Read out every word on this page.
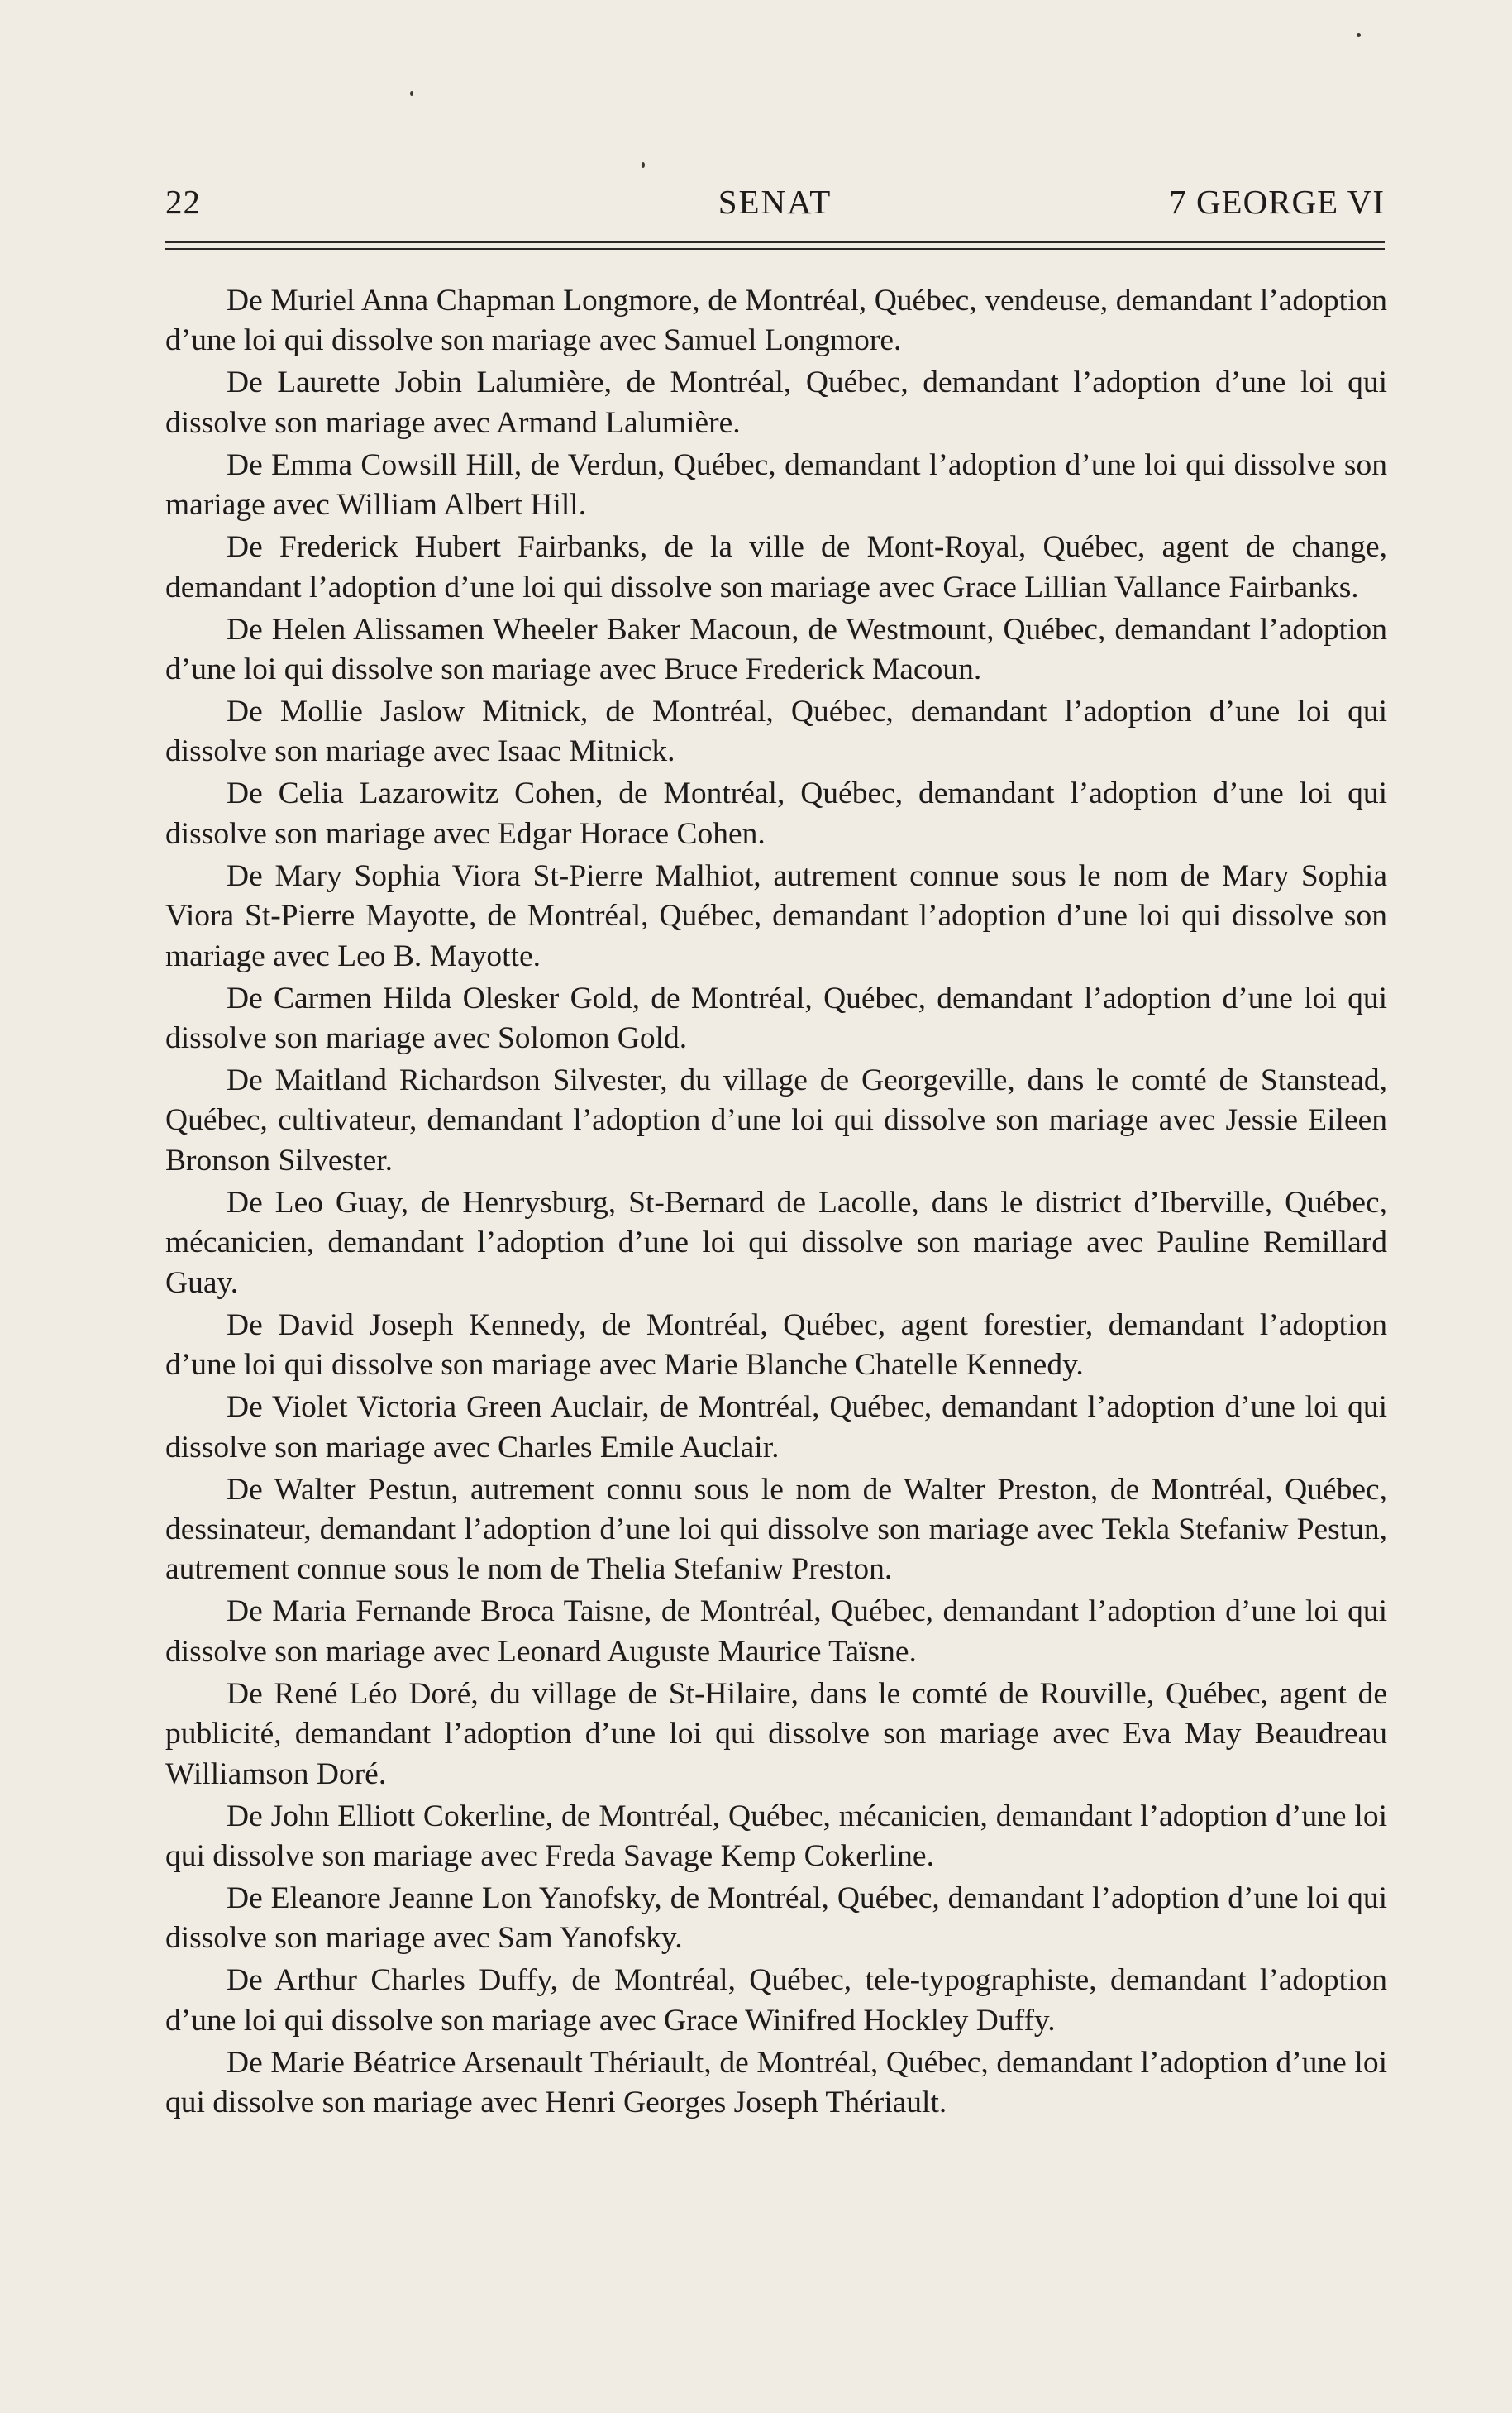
22	SENAT	7 GEORGE VI

De Muriel Anna Chapman Longmore, de Montréal, Québec, vendeuse, demandant l’adoption d’une loi qui dissolve son mariage avec Samuel Longmore.

De Laurette Jobin Lalumière, de Montréal, Québec, demandant l’adoption d’une loi qui dissolve son mariage avec Armand Lalumière.

De Emma Cowsill Hill, de Verdun, Québec, demandant l’adoption d’une loi qui dissolve son mariage avec William Albert Hill.

De Frederick Hubert Fairbanks, de la ville de Mont-Royal, Québec, agent de change, demandant l’adoption d’une loi qui dissolve son mariage avec Grace Lillian Vallance Fairbanks.

De Helen Alissamen Wheeler Baker Macoun, de Westmount, Québec, demandant l’adoption d’une loi qui dissolve son mariage avec Bruce Frederick Macoun.

De Mollie Jaslow Mitnick, de Montréal, Québec, demandant l’adoption d’une loi qui dissolve son mariage avec Isaac Mitnick.

De Celia Lazarowitz Cohen, de Montréal, Québec, demandant l’adoption d’une loi qui dissolve son mariage avec Edgar Horace Cohen.

De Mary Sophia Viora St-Pierre Malhiot, autrement connue sous le nom de Mary Sophia Viora St-Pierre Mayotte, de Montréal, Québec, demandant l’adoption d’une loi qui dissolve son mariage avec Leo B. Mayotte.

De Carmen Hilda Olesker Gold, de Montréal, Québec, demandant l’adoption d’une loi qui dissolve son mariage avec Solomon Gold.

De Maitland Richardson Silvester, du village de Georgeville, dans le comté de Stanstead, Québec, cultivateur, demandant l’adoption d’une loi qui dissolve son mariage avec Jessie Eileen Bronson Silvester.

De Leo Guay, de Henrysburg, St-Bernard de Lacolle, dans le district d’Iberville, Québec, mécanicien, demandant l’adoption d’une loi qui dissolve son mariage avec Pauline Remillard Guay.

De David Joseph Kennedy, de Montréal, Québec, agent forestier, demandant l’adoption d’une loi qui dissolve son mariage avec Marie Blanche Chatelle Kennedy.

De Violet Victoria Green Auclair, de Montréal, Québec, demandant l’adoption d’une loi qui dissolve son mariage avec Charles Emile Auclair.

De Walter Pestun, autrement connu sous le nom de Walter Preston, de Montréal, Québec, dessinateur, demandant l’adoption d’une loi qui dissolve son mariage avec Tekla Stefaniw Pestun, autrement connue sous le nom de Thelia Stefaniw Preston.

De Maria Fernande Broca Taisne, de Montréal, Québec, demandant l’adoption d’une loi qui dissolve son mariage avec Leonard Auguste Maurice Taïsne.

De René Léo Doré, du village de St-Hilaire, dans le comté de Rouville, Québec, agent de publicité, demandant l’adoption d’une loi qui dissolve son mariage avec Eva May Beaudreau Williamson Doré.

De John Elliott Cokerline, de Montréal, Québec, mécanicien, demandant l’adoption d’une loi qui dissolve son mariage avec Freda Savage Kemp Cokerline.

De Eleanore Jeanne Lon Yanofsky, de Montréal, Québec, demandant l’adoption d’une loi qui dissolve son mariage avec Sam Yanofsky.

De Arthur Charles Duffy, de Montréal, Québec, tele-typographiste, demandant l’adoption d’une loi qui dissolve son mariage avec Grace Winifred Hockley Duffy.

De Marie Béatrice Arsenault Thériault, de Montréal, Québec, demandant l’adoption d’une loi qui dissolve son mariage avec Henri Georges Joseph Thériault.
